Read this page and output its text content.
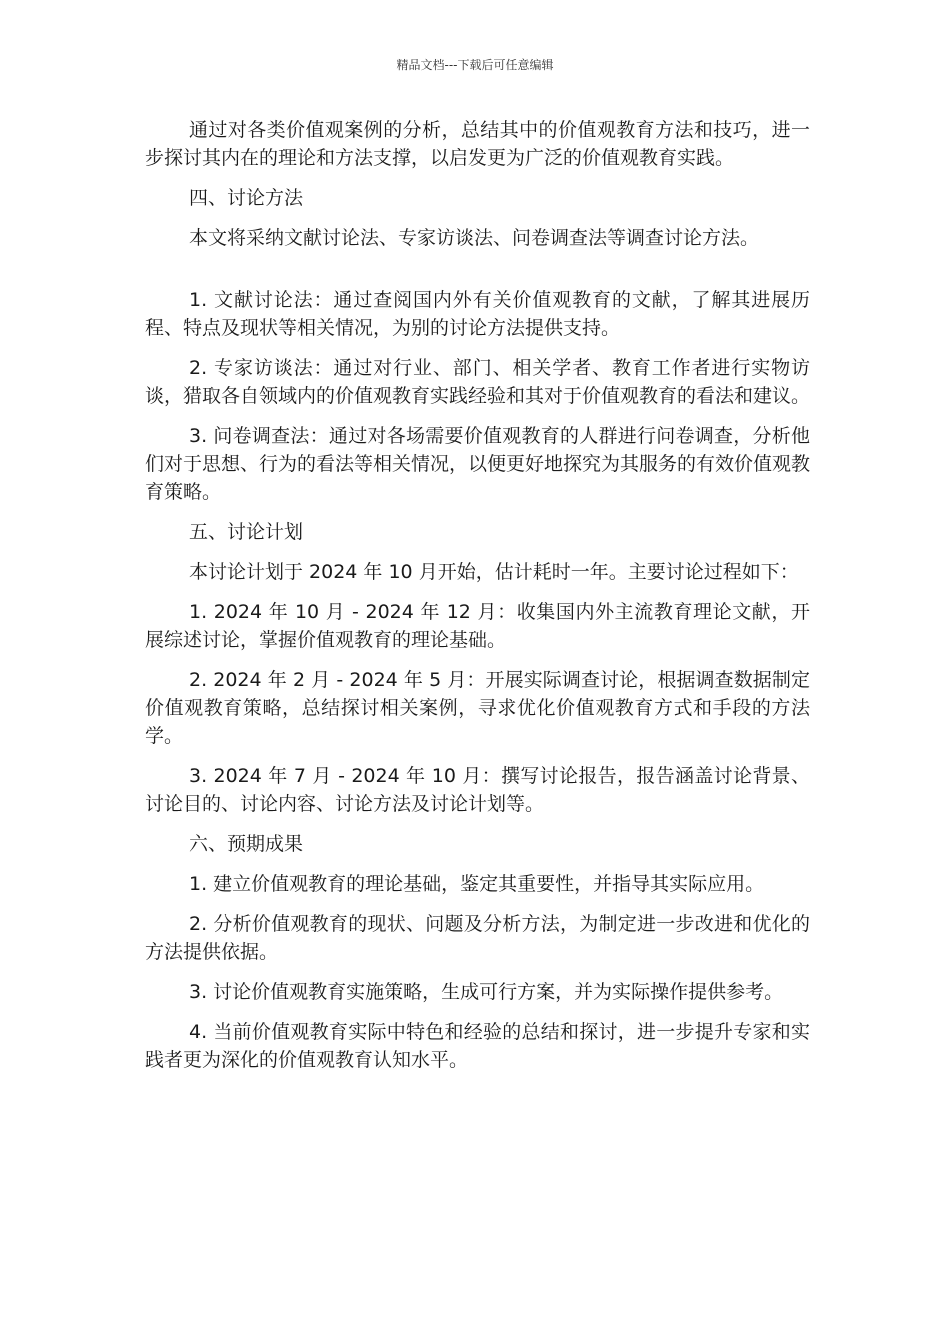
精品文档---下载后可任意编辑

通过对各类价值观案例的分析，总结其中的价值观教育方法和技巧，进一步探讨其内在的理论和方法支撑，以启发更为广泛的价值观教育实践。

四、讨论方法

本文将采纳文献讨论法、专家访谈法、问卷调查法等调查讨论方法。

1. 文献讨论法：通过查阅国内外有关价值观教育的文献，了解其进展历程、特点及现状等相关情况，为别的讨论方法提供支持。

2. 专家访谈法：通过对行业、部门、相关学者、教育工作者进行实物访谈，猎取各自领域内的价值观教育实践经验和其对于价值观教育的看法和建议。

3. 问卷调查法：通过对各场需要价值观教育的人群进行问卷调查，分析他们对于思想、行为的看法等相关情况，以便更好地探究为其服务的有效价值观教育策略。

五、讨论计划

本讨论计划于 2024 年 10 月开始，估计耗时一年。主要讨论过程如下：

1. 2024 年 10 月 - 2024 年 12 月：收集国内外主流教育理论文献，开展综述讨论，掌握价值观教育的理论基础。

2. 2024 年 2 月 - 2024 年 5 月：开展实际调查讨论，根据调查数据制定价值观教育策略，总结探讨相关案例，寻求优化价值观教育方式和手段的方法学。

3. 2024 年 7 月 - 2024 年 10 月：撰写讨论报告，报告涵盖讨论背景、讨论目的、讨论内容、讨论方法及讨论计划等。

六、预期成果

1. 建立价值观教育的理论基础，鉴定其重要性，并指导其实际应用。

2. 分析价值观教育的现状、问题及分析方法，为制定进一步改进和优化的方法提供依据。

3. 讨论价值观教育实施策略，生成可行方案，并为实际操作提供参考。

4. 当前价值观教育实际中特色和经验的总结和探讨，进一步提升专家和实践者更为深化的价值观教育认知水平。
